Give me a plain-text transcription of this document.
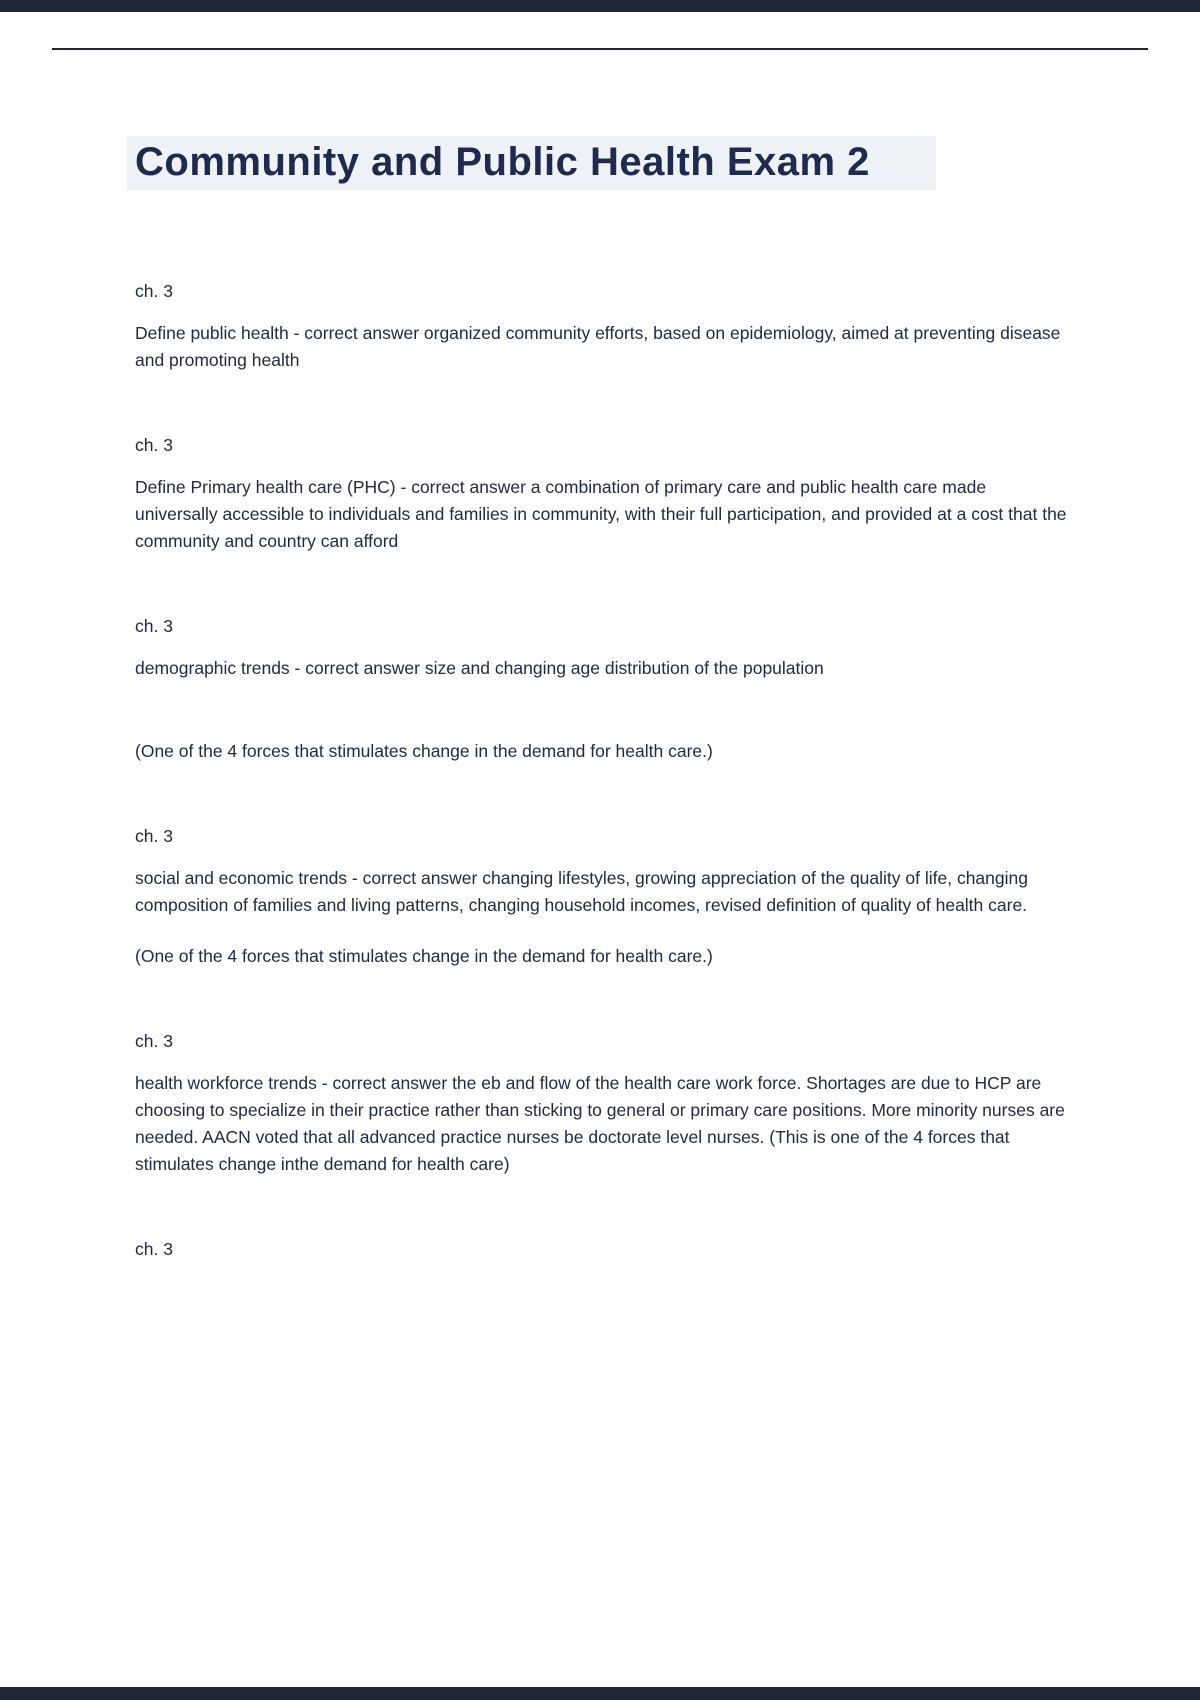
Community and Public Health Exam 2

ch. 3

Define public health - correct answer organized community efforts, based on epidemiology, aimed at preventing disease and promoting health

ch. 3

Define Primary health care (PHC) - correct answer a combination of primary care and public health care made universally accessible to individuals and families in community, with their full participation, and provided at a cost that the community and country can afford

ch. 3

demographic trends - correct answer size and changing age distribution of the population

(One of the 4 forces that stimulates change in the demand for health care.)

ch. 3

social and economic trends - correct answer changing lifestyles, growing appreciation of the quality of life, changing composition of families and living patterns, changing household incomes, revised definition of quality of health care.

(One of the 4 forces that stimulates change in the demand for health care.)

ch. 3

health workforce trends - correct answer the eb and flow of the health care work force. Shortages are due to HCP are choosing to specialize in their practice rather than sticking to general or primary care positions. More minority nurses are needed. AACN voted that all advanced practice nurses be doctorate level nurses. (This is one of the 4 forces that stimulates change inthe demand for health care)

ch. 3
